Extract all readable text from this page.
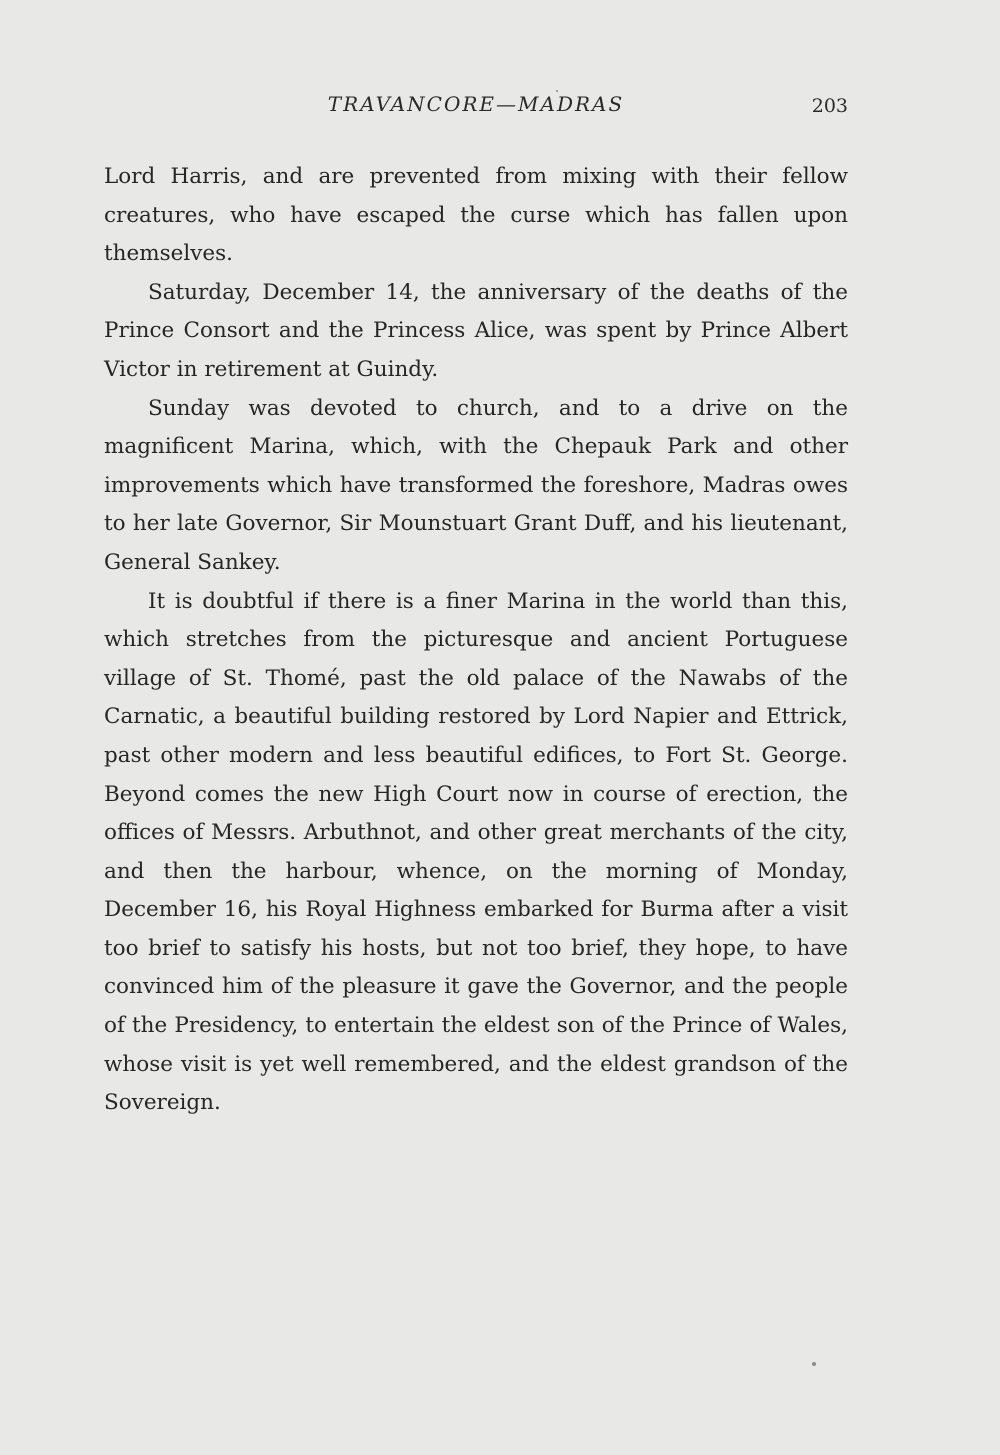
TRAVANCORE—MADRAS	203

Lord Harris, and are prevented from mixing with their fellow creatures, who have escaped the curse which has fallen upon themselves.

Saturday, December 14, the anniversary of the deaths of the Prince Consort and the Princess Alice, was spent by Prince Albert Victor in retirement at Guindy.

Sunday was devoted to church, and to a drive on the magnificent Marina, which, with the Chepauk Park and other improvements which have transformed the foreshore, Madras owes to her late Governor, Sir Mounstuart Grant Duff, and his lieutenant, General Sankey.

It is doubtful if there is a finer Marina in the world than this, which stretches from the picturesque and ancient Portuguese village of St. Thomé, past the old palace of the Nawabs of the Carnatic, a beautiful building restored by Lord Napier and Ettrick, past other modern and less beautiful edifices, to Fort St. George. Beyond comes the new High Court now in course of erection, the offices of Messrs. Arbuthnot, and other great merchants of the city, and then the harbour, whence, on the morning of Monday, December 16, his Royal Highness embarked for Burma after a visit too brief to satisfy his hosts, but not too brief, they hope, to have convinced him of the pleasure it gave the Governor, and the people of the Presidency, to entertain the eldest son of the Prince of Wales, whose visit is yet well remembered, and the eldest grandson of the Sovereign.
